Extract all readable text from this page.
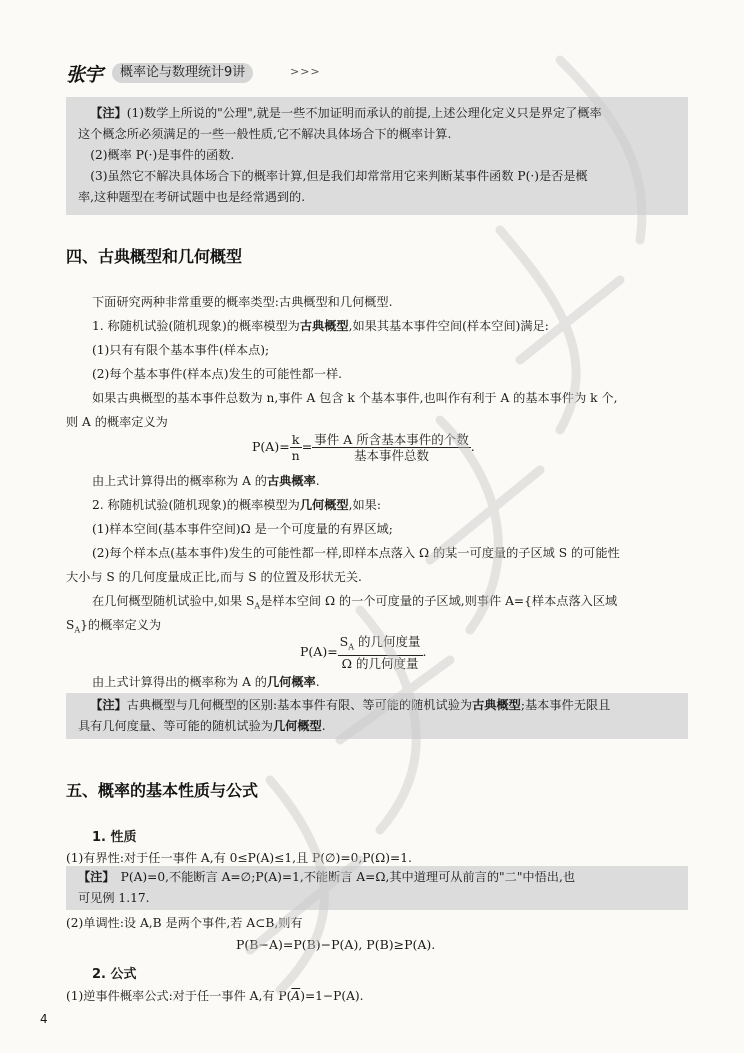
张宇	概率论与数理统计9讲	>>>

 【注】(1)数学上所说的"公理",就是一些不加证明而承认的前提,上述公理化定义只是界定了概率

这个概念所必须满足的一些一般性质,它不解决具体场合下的概率计算.

 (2)概率 P(·)是事件的函数.

 (3)虽然它不解决具体场合下的概率计算,但是我们却常常用它来判断某事件函数 P(·)是否是概

率,这种题型在考研试题中也是经常遇到的.

四、古典概型和几何概型
下面研究两种非常重要的概率类型:古典概型和几何概型.
1. 称随机试验(随机现象)的概率模型为古典概型,如果其基本事件空间(样本空间)满足:
(1)只有有限个基本事件(样本点);
(2)每个基本事件(样本点)发生的可能性都一样.
如果古典概型的基本事件总数为 n,事件 A 包含 k 个基本事件,也叫作有利于 A 的基本事件为 k 个,
则 A 的概率定义为
$P(A)= \frac{k}{n} = \frac{\text{事件 A 所含基本事件的个数}}{\text{基本事件总数}}$ .
由上式计算得出的概率称为 A 的古典概率.
2. 称随机试验(随机现象)的概率模型为几何概型,如果:
(1)样本空间(基本事件空间)Ω 是一个可度量的有界区域;
(2)每个样本点(基本事件)发生的可能性都一样,即样本点落入 Ω 的某一可度量的子区域 S 的可能性
大小与 S 的几何度量成正比,而与 S 的位置及形状无关.
在几何概型随机试验中,如果 $S_A$是样本空间 Ω 的一个可度量的子区域,则事件 A={样本点落入区域
$S_A$}的概率定义为
$P(A)= \frac{S_A 的几何度量}{\text{Ω 的几何度量}}$ .
由上式计算得出的概率称为 A 的几何概率.

 【注】古典概型与几何概型的区别:基本事件有限、等可能的随机试验为古典概型;基本事件无限且

具有几何度量、等可能的随机试验为几何概型.

五、概率的基本性质与公式
1. 性质
(1)有界性:对于任一事件 A,有 0≤P(A)≤1,且 P(∅)=0,P(Ω)=1.

【注】  P(A)=0,不能断言 A=∅;P(A)=1,不能断言 A=Ω,其中道理可从前言的"二"中悟出,也

可见例 1.17.

(2)单调性:设 A,B 是两个事件,若 A⊂B,则有
P(B−A)=P(B)−P(A), P(B)≥P(A).
2. 公式
(1)逆事件概率公式:对于任一事件 A,有 $P(\overline{A})=1-P(A)$.
4
